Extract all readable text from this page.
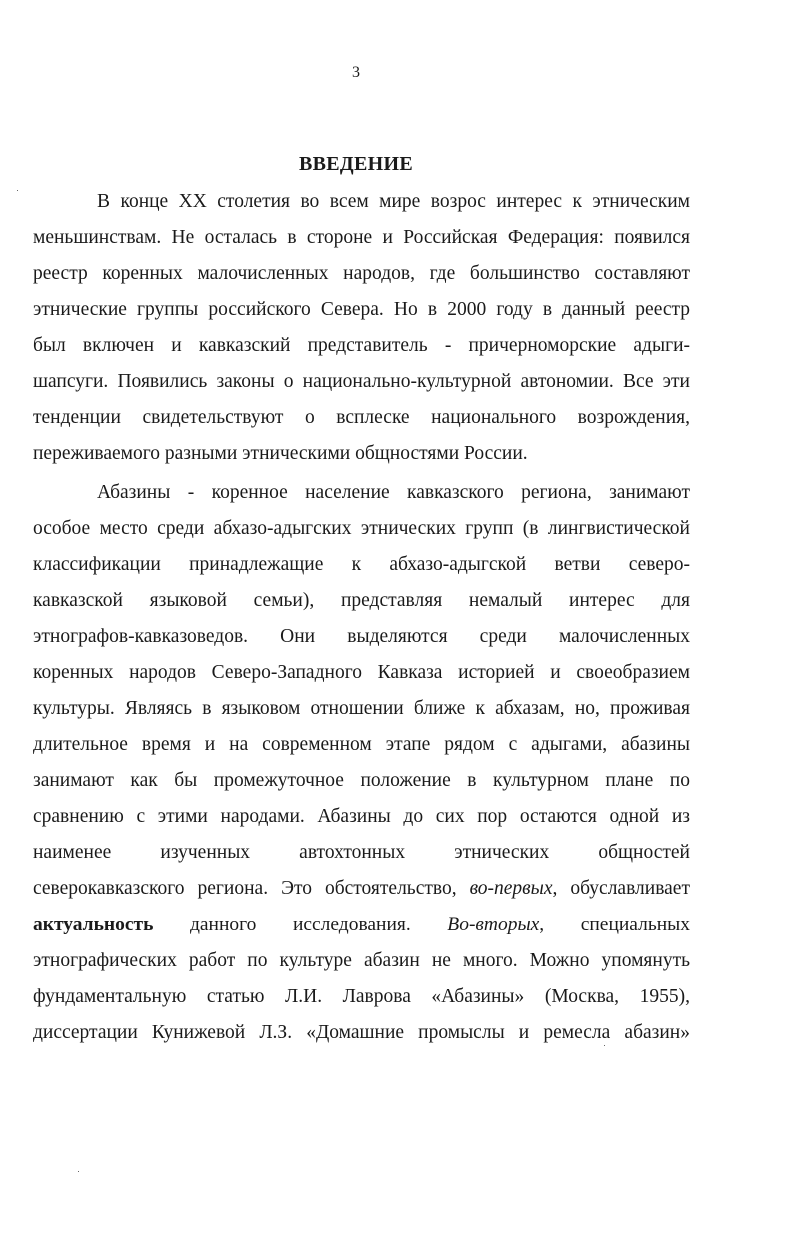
3
ВВЕДЕНИЕ
В конце XX столетия во всем мире возрос интерес к этническим
меньшинствам. Не осталась в стороне и Российская Федерация: появился
реестр коренных малочисленных народов, где большинство составляют
этнические группы российского Севера. Но в 2000 году в данный реестр
был включен и кавказский представитель - причерноморские адыги-
шапсуги. Появились законы о национально-культурной автономии. Все эти
тенденции свидетельствуют о всплеске национального возрождения,
переживаемого разными этническими общностями России.
Абазины - коренное население кавказского региона, занимают
особое место среди абхазо-адыгских этнических групп (в лингвистической
классификации принадлежащие к абхазо-адыгской ветви северо-
кавказской языковой семьи), представляя немалый интерес для
этнографов-кавказоведов. Они выделяются среди малочисленных
коренных народов Северо-Западного Кавказа историей и своеобразием
культуры. Являясь в языковом отношении ближе к абхазам, но, проживая
длительное время и на современном этапе рядом с адыгами, абазины
занимают как бы промежуточное положение в культурном плане по
сравнению с этими народами. Абазины до сих пор остаются одной из
наименее изученных автохтонных этнических общностей
северокавказского региона. Это обстоятельство, во-первых, обуславливает
актуальность данного исследования. Во-вторых, специальных
этнографических работ по культуре абазин не много. Можно упомянуть
фундаментальную статью Л.И. Лаврова «Абазины» (Москва, 1955),
диссертации Кунижевой Л.З. «Домашние промыслы и ремесла абазин»
